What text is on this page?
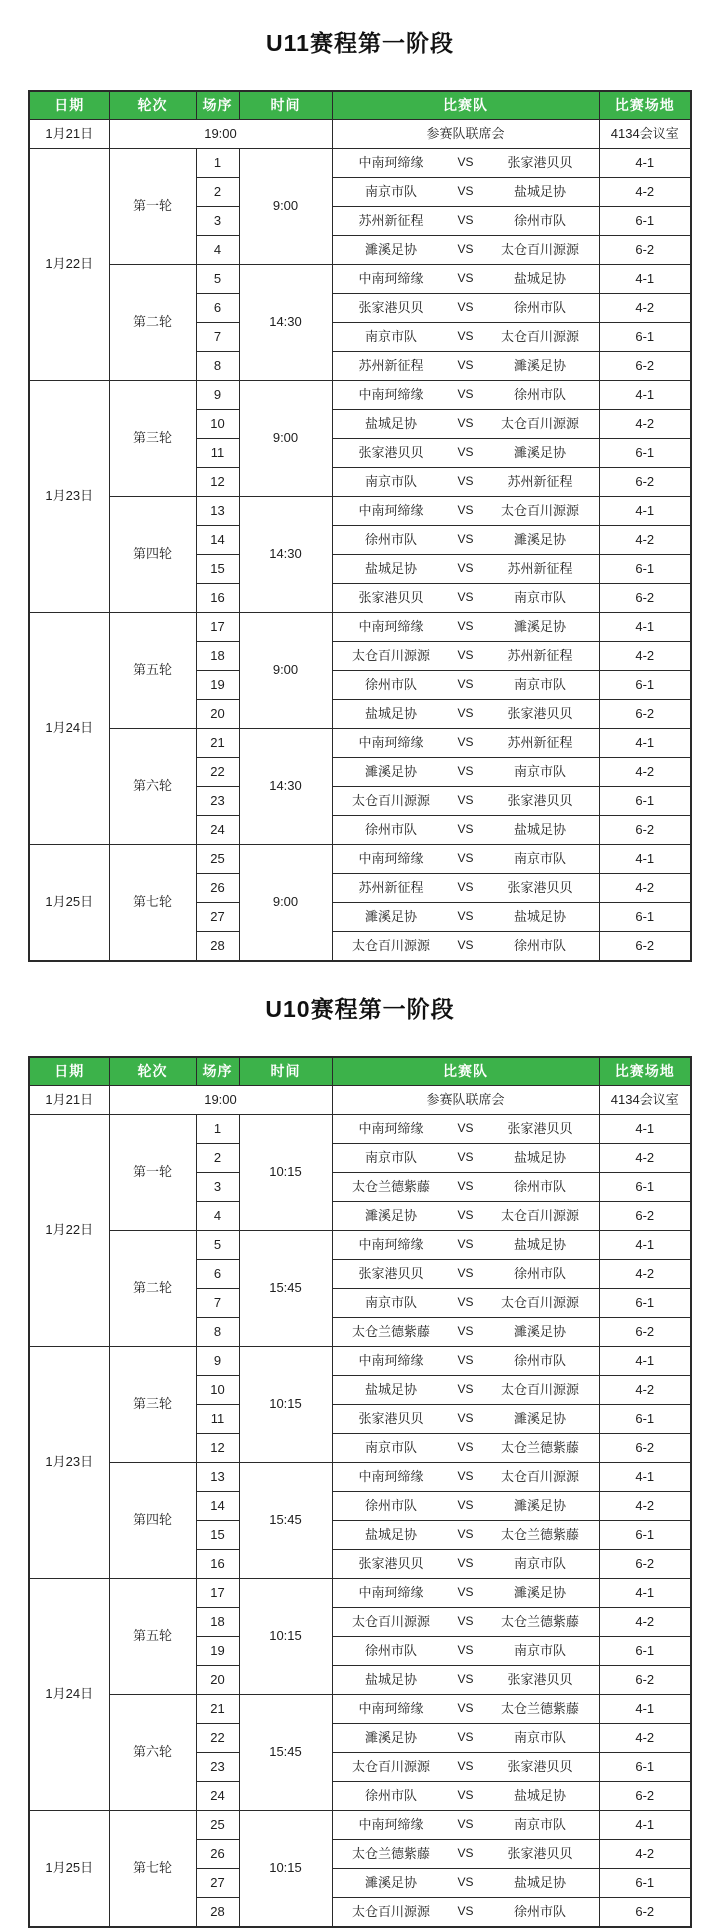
U11赛程第一阶段
日期	轮次	场序	时间	比赛队	比赛场地
1月21日	19:00			参赛队联席会	4134会议室
1月22日	第一轮	1	9:00	中南珂缔缘 VS 张家港贝贝	4-1
		2		南京市队 VS 盐城足协	4-2
		3		苏州新征程 VS 徐州市队	6-1
		4		濉溪足协 VS 太仓百川源源	6-2
	第二轮	5	14:30	中南珂缔缘 VS 盐城足协	4-1
		6		张家港贝贝 VS 徐州市队	4-2
		7		南京市队 VS 太仓百川源源	6-1
		8		苏州新征程 VS 濉溪足协	6-2
1月23日	第三轮	9	9:00	中南珂缔缘 VS 徐州市队	4-1
		10		盐城足协 VS 太仓百川源源	4-2
		11		张家港贝贝 VS 濉溪足协	6-1
		12		南京市队 VS 苏州新征程	6-2
	第四轮	13	14:30	中南珂缔缘 VS 太仓百川源源	4-1
		14		徐州市队 VS 濉溪足协	4-2
		15		盐城足协 VS 苏州新征程	6-1
		16		张家港贝贝 VS 南京市队	6-2
1月24日	第五轮	17	9:00	中南珂缔缘 VS 濉溪足协	4-1
		18		太仓百川源源 VS 苏州新征程	4-2
		19		徐州市队 VS 南京市队	6-1
		20		盐城足协 VS 张家港贝贝	6-2
	第六轮	21	14:30	中南珂缔缘 VS 苏州新征程	4-1
		22		濉溪足协 VS 南京市队	4-2
		23		太仓百川源源 VS 张家港贝贝	6-1
		24		徐州市队 VS 盐城足协	6-2
1月25日	第七轮	25	9:00	中南珂缔缘 VS 南京市队	4-1
		26		苏州新征程 VS 张家港贝贝	4-2
		27		濉溪足协 VS 盐城足协	6-1
		28		太仓百川源源 VS 徐州市队	6-2
U10赛程第一阶段
日期	轮次	场序	时间	比赛队	比赛场地
1月21日	19:00			参赛队联席会	4134会议室
1月22日	第一轮	1	10:15	中南珂缔缘 VS 张家港贝贝	4-1
		2		南京市队 VS 盐城足协	4-2
		3		太仓兰德紫藤 VS 徐州市队	6-1
		4		濉溪足协 VS 太仓百川源源	6-2
	第二轮	5	15:45	中南珂缔缘 VS 盐城足协	4-1
		6		张家港贝贝 VS 徐州市队	4-2
		7		南京市队 VS 太仓百川源源	6-1
		8		太仓兰德紫藤 VS 濉溪足协	6-2
1月23日	第三轮	9	10:15	中南珂缔缘 VS 徐州市队	4-1
		10		盐城足协 VS 太仓百川源源	4-2
		11		张家港贝贝 VS 濉溪足协	6-1
		12		南京市队 VS 太仓兰德紫藤	6-2
	第四轮	13	15:45	中南珂缔缘 VS 太仓百川源源	4-1
		14		徐州市队 VS 濉溪足协	4-2
		15		盐城足协 VS 太仓兰德紫藤	6-1
		16		张家港贝贝 VS 南京市队	6-2
1月24日	第五轮	17	10:15	中南珂缔缘 VS 濉溪足协	4-1
		18		太仓百川源源 VS 太仓兰德紫藤	4-2
		19		徐州市队 VS 南京市队	6-1
		20		盐城足协 VS 张家港贝贝	6-2
	第六轮	21	15:45	中南珂缔缘 VS 太仓兰德紫藤	4-1
		22		濉溪足协 VS 南京市队	4-2
		23		太仓百川源源 VS 张家港贝贝	6-1
		24		徐州市队 VS 盐城足协	6-2
1月25日	第七轮	25	10:15	中南珂缔缘 VS 南京市队	4-1
		26		太仓兰德紫藤 VS 张家港贝贝	4-2
		27		濉溪足协 VS 盐城足协	6-1
		28		太仓百川源源 VS 徐州市队	6-2
